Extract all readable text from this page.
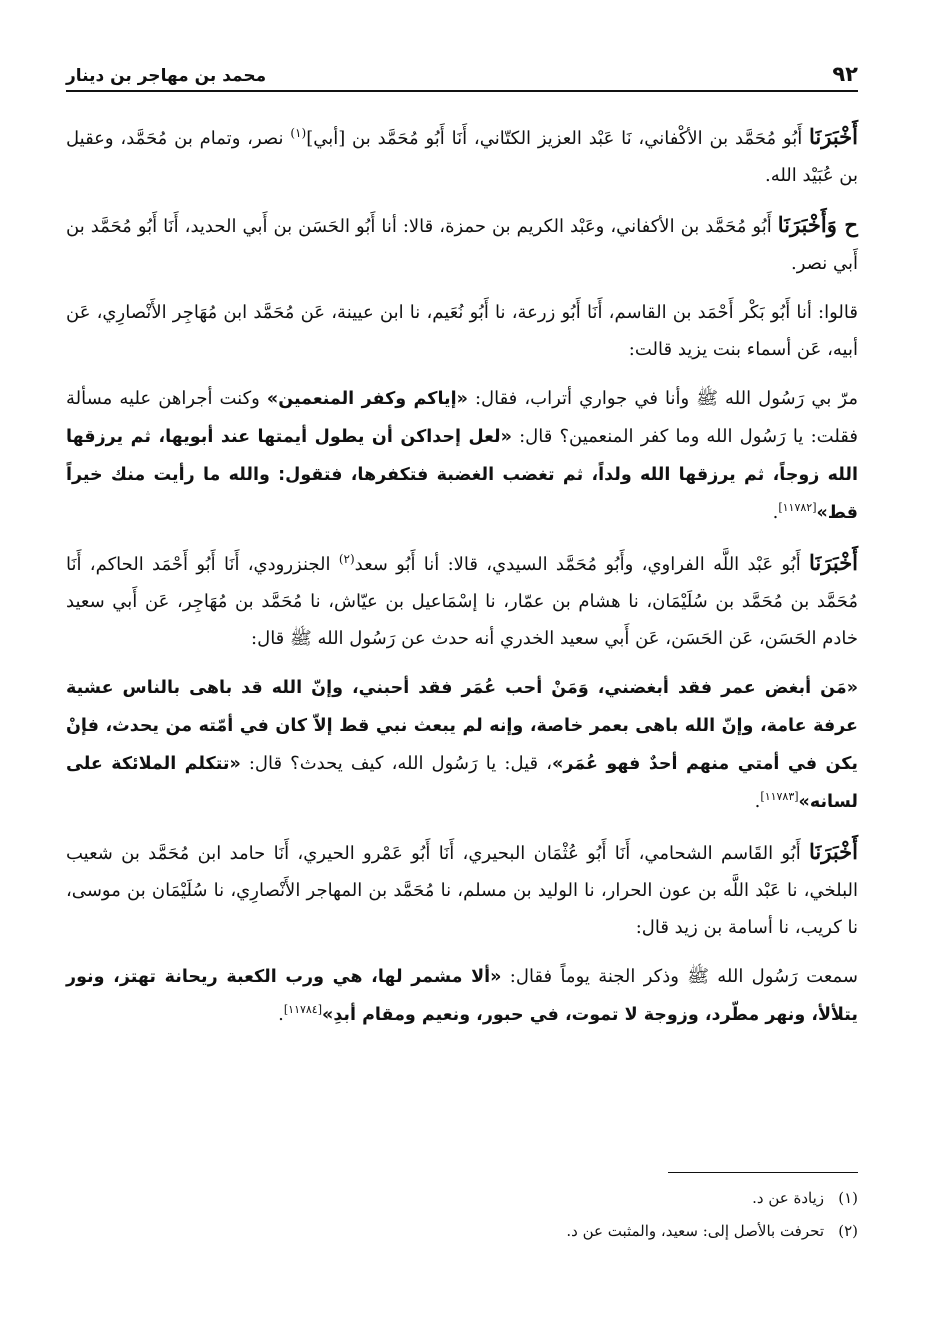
٩٢
محمد بن مهاجر بن دينار

أَخْبَرَنَا أَبُو مُحَمَّد بن الأكْفاني، نَا عَبْد العزيز الكتّاني، أَنَا أَبُو مُحَمَّد بن [أبي]$^{(١)}$ نصر، وتمام بن مُحَمَّد، وعقيل بن عُبَيْد الله.

ح وَأَخْبَرَنَا أَبُو مُحَمَّد بن الأكفاني، وعَبْد الكريم بن حمزة، قالا: أنا أَبُو الحَسَن بن أَبي الحديد، أَنَا أَبُو مُحَمَّد بن أَبي نصر.

قالوا: أنا أَبُو بَكْر أَحْمَد بن القاسم، أَنَا أَبُو زرعة، نا أَبُو نُعَيم، نا ابن عيينة، عَن مُحَمَّد ابن مُهَاجِر الأَنْصارِي، عَن أبيه، عَن أسماء بنت يزيد قالت:

مرّ بي رَسُول الله ﷺ وأنا في جواري أتراب، فقال: «إياكم وكفر المنعمين» وكنت أجراهن عليه مسألة فقلت: يا رَسُول الله وما كفر المنعمين؟ قال: «لعل إحداكن أن يطول أيمتها عند أبويها، ثم يرزقها الله زوجاً، ثم يرزقها الله ولداً، ثم تغضب الغضبة فتكفرها، فتقول: والله ما رأيت منك خيراً قط»[١١٧٨٢].

أَخْبَرَنَا أَبُو عَبْد اللَّه الفراوي، وأَبُو مُحَمَّد السيدي، قالا: أنا أَبُو سعد$^{(٢)}$ الجنزرودي، أَنَا أَبُو أَحْمَد الحاكم، أَنَا مُحَمَّد بن مُحَمَّد بن سُلَيْمَان، نا هشام بن عمّار، نا إسْمَاعيل بن عيّاش، نا مُحَمَّد بن مُهَاجِر، عَن أَبي سعيد خادم الحَسَن، عَن الحَسَن، عَن أَبي سعيد الخدري أنه حدث عن رَسُول الله ﷺ قال:

«مَن أبغض عمر فقد أبغضني، وَمَنْ أحب عُمَر فقد أحبني، وإنّ الله قد باهى بالناس عشية عرفة عامة، وإنّ الله باهى بعمر خاصة، وإنه لم يبعث نبي قط إلاّ كان في أمّته من يحدث، فإنْ يكن في أمتي منهم أحدٌ فهو عُمَر»، قيل: يا رَسُول الله، كيف يحدث؟ قال: «تتكلم الملائكة على لسانه»[١١٧٨٣].

أَخْبَرَنَا أَبُو القَاسم الشحامي، أَنَا أَبُو عُثْمَان البحيري، أَنَا أَبُو عَمْرو الحيري، أَنَا حامد ابن مُحَمَّد بن شعيب البلخي، نا عَبْد اللَّه بن عون الحرار، نا الوليد بن مسلم، نا مُحَمَّد بن المهاجر الأَنْصارِي، نا سُلَيْمَان بن موسى، نا كريب، نا أسامة بن زيد قال:

سمعت رَسُول الله ﷺ وذكر الجنة يوماً فقال: «ألا مشمر لها، هي ورب الكعبة ريحانة تهتز، ونور يتلألأ، ونهر مطّرد، وزوجة لا تموت، في حبور، ونعيم ومقام أبدِ»[١١٧٨٤].

(١)زيادة عن د.

(٢)تحرفت بالأصل إلى: سعيد، والمثبت عن د.
